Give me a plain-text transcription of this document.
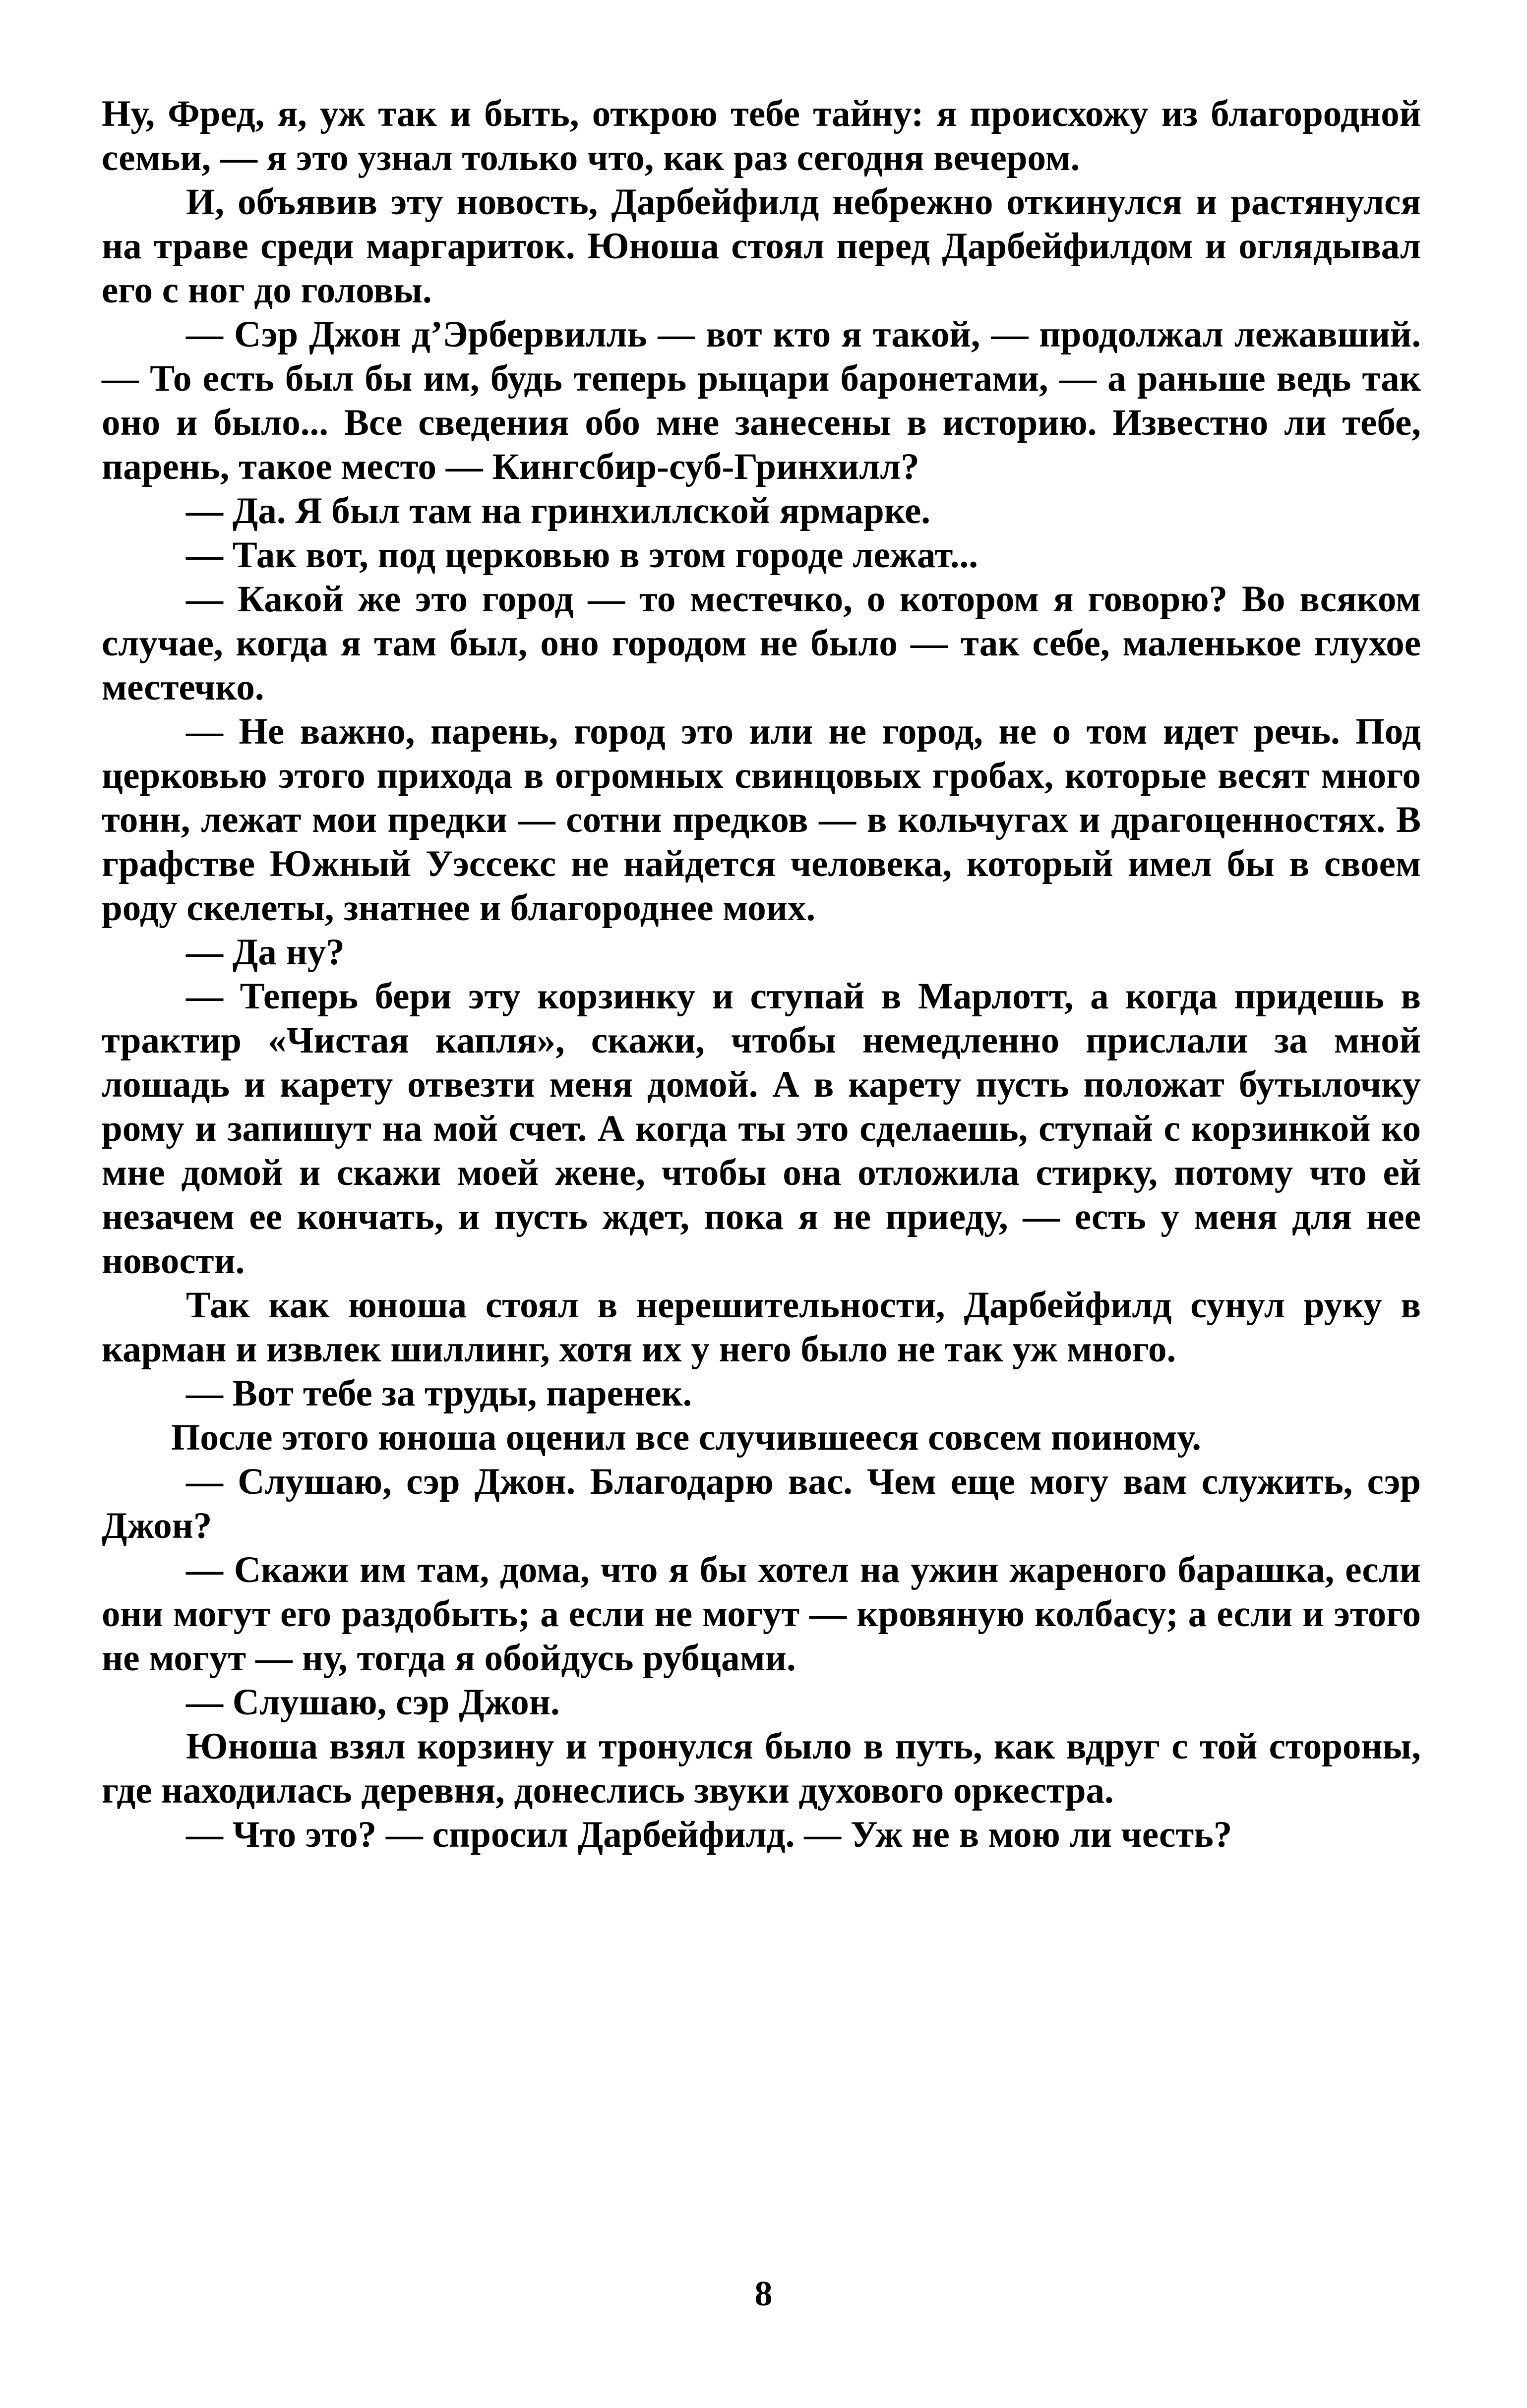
Ну, Фред, я, уж так и быть, открою тебе тайну: я происхожу из благородной семьи, — я это узнал только что, как раз сегодня вечером.

И, объявив эту новость, Дарбейфилд небрежно откинулся и растянулся на траве среди маргариток. Юноша стоял перед Дарбейфилдом и оглядывал его с ног до головы.

— Сэр Джон д’Эрбервилль — вот кто я такой, — продолжал лежавший. — То есть был бы им, будь теперь рыцари баронетами, — а раньше ведь так оно и было... Все сведения обо мне занесены в историю. Известно ли тебе, парень, такое место — Кингсбир-суб-Гринхилл?

— Да. Я был там на гринхиллской ярмарке.

— Так вот, под церковью в этом городе лежат...

— Какой же это город — то местечко, о котором я говорю? Во всяком случае, когда я там был, оно городом не было — так себе, маленькое глухое местечко.

— Не важно, парень, город это или не город, не о том идет речь. Под церковью этого прихода в огромных свинцовых гробах, которые весят много тонн, лежат мои предки — сотни предков — в кольчугах и драгоценностях. В графстве Южный Уэссекс не найдется человека, который имел бы в своем роду скелеты, знатнее и благороднее моих.

— Да ну?

— Теперь бери эту корзинку и ступай в Марлотт, а когда придешь в трактир «Чистая капля», скажи, чтобы немедленно прислали за мной лошадь и карету отвезти меня домой. А в карету пусть положат бутылочку рому и запишут на мой счет. А когда ты это сделаешь, ступай с корзинкой ко мне домой и скажи моей жене, чтобы она отложила стирку, потому что ей незачем ее кончать, и пусть ждет, пока я не приеду, — есть у меня для нее новости.

Так как юноша стоял в нерешительности, Дарбейфилд сунул руку в карман и извлек шиллинг, хотя их у него было не так уж много.

— Вот тебе за труды, паренек.

После этого юноша оценил все случившееся совсем поиному.

— Слушаю, сэр Джон. Благодарю вас. Чем еще могу вам служить, сэр Джон?

— Скажи им там, дома, что я бы хотел на ужин жареного барашка, если они могут его раздобыть; а если не могут — кровяную колбасу; а если и этого не могут — ну, тогда я обойдусь рубцами.

— Слушаю, сэр Джон.

Юноша взял корзину и тронулся было в путь, как вдруг с той стороны, где находилась деревня, донеслись звуки духового оркестра.

— Что это? — спросил Дарбейфилд. — Уж не в мою ли честь?

8
